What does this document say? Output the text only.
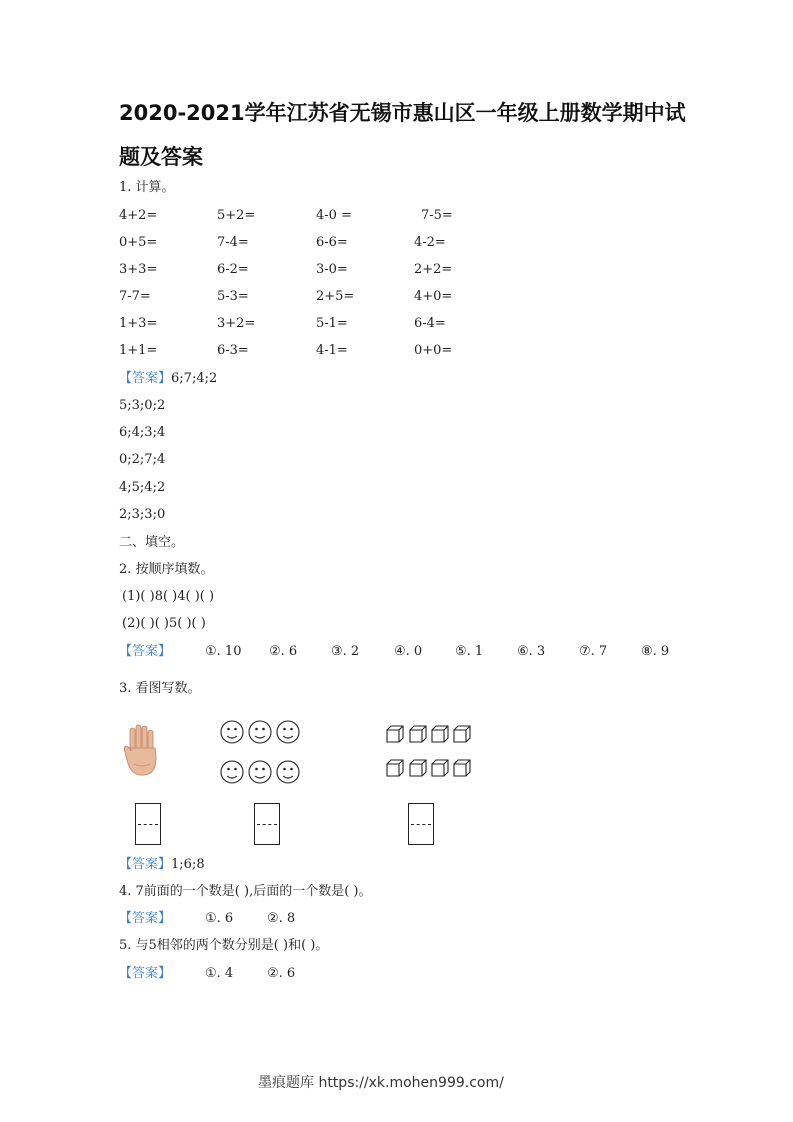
2020-2021学年江苏省无锡市惠山区一年级上册数学期中试
题及答案
1. 计算。
4+2=	5+2=	4-0 =	7-5=
0+5=	7-4=	6-6=	4-2=
3+3=	6-2=	3-0=	2+2=
7-7=	5-3=	2+5=	4+0=
1+3=	3+2=	5-1=	6-4=
1+1=	6-3=	4-1=	0+0=
【答案】6;7;4;2
5;3;0;2
6;4;3;4
0;2;7;4
4;5;4;2
2;3;3;0
二、填空。
2. 按顺序填数。
(1)( )8( )4( )( )
(2)( )( )5( )( )
【答案】	①. 10 ②. 6	③. 2	④. 0	⑤. 1	⑥. 3	⑦. 7	⑧. 9
3. 看图写数。
【答案】1;6;8
4. 7前面的一个数是( ),后面的一个数是( )。
【答案】	①. 6	②. 8
5. 与5相邻的两个数分别是( )和( )。
【答案】	①. 4	②. 6
墨痕题库 https://xk.mohen999.com/
